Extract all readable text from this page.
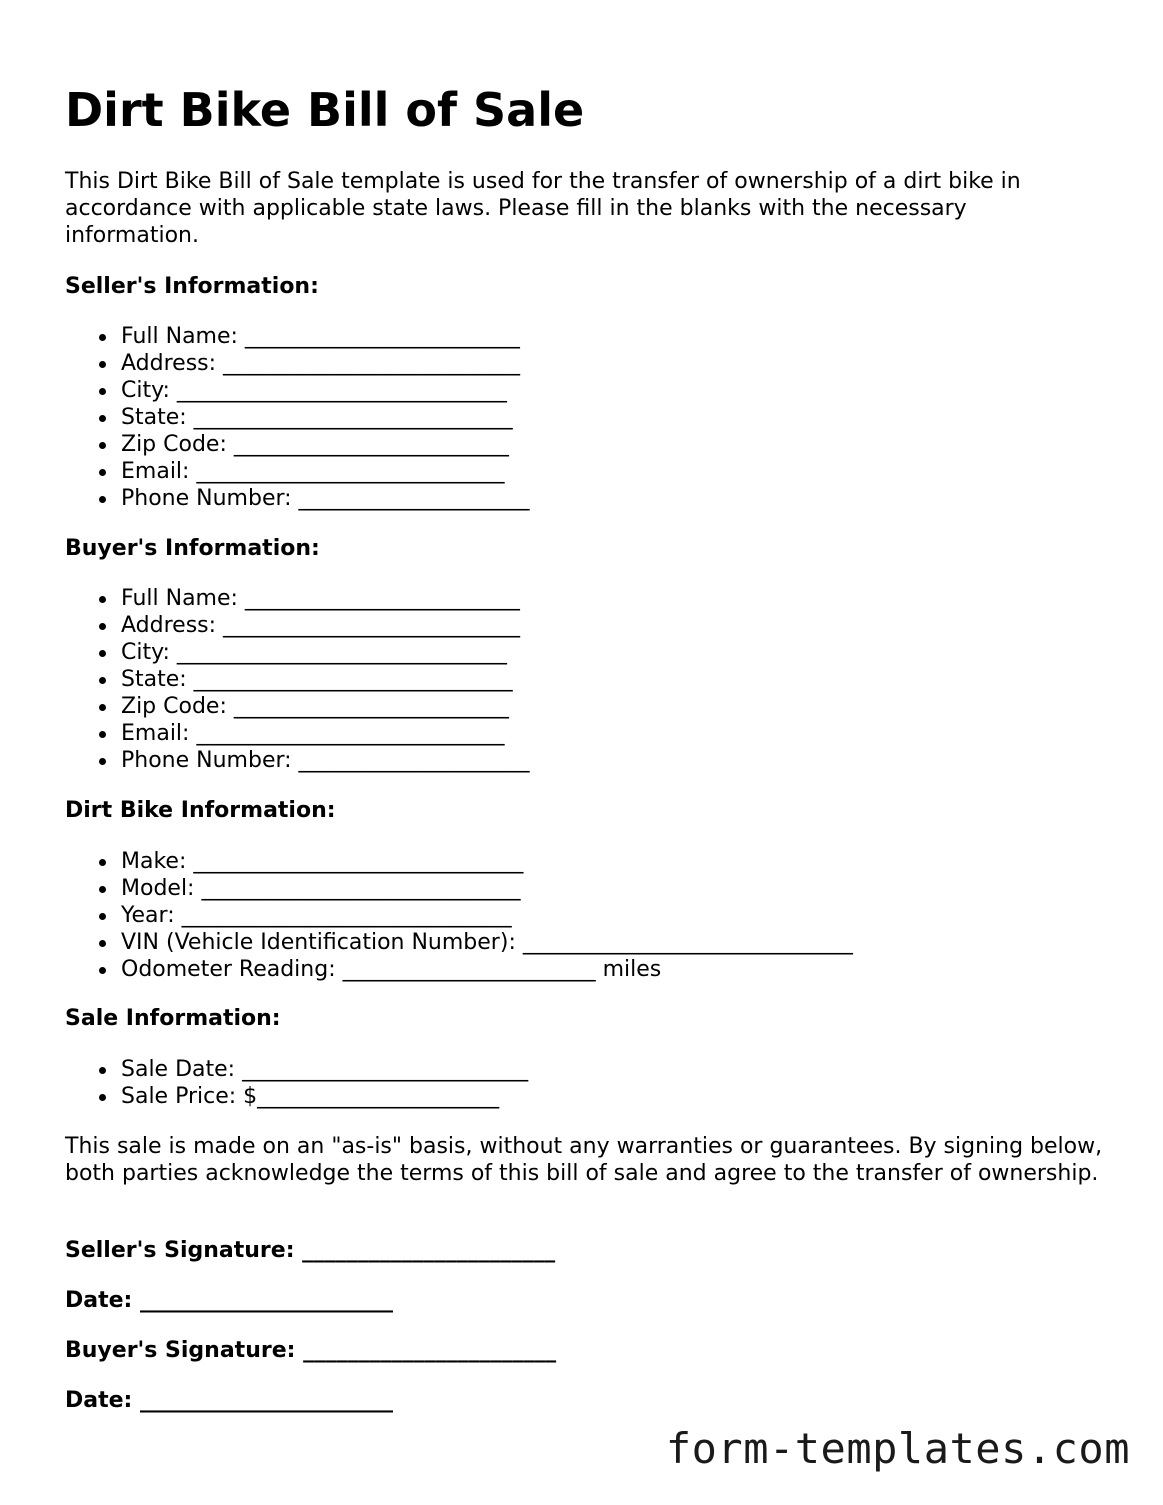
Dirt Bike Bill of Sale

This Dirt Bike Bill of Sale template is used for the transfer of ownership of a dirt bike in accordance with applicable state laws. Please fill in the blanks with the necessary information.

Seller's Information:

Full Name: _________________________
Address: ___________________________
City: ______________________________
State: _____________________________
Zip Code: _________________________
Email: ____________________________
Phone Number: _____________________

Buyer's Information:

Full Name: _________________________
Address: ___________________________
City: ______________________________
State: _____________________________
Zip Code: _________________________
Email: ____________________________
Phone Number: _____________________

Dirt Bike Information:

Make: ______________________________
Model: _____________________________
Year: ______________________________
VIN (Vehicle Identification Number): ______________________________
Odometer Reading: _______________________ miles

Sale Information:

Sale Date: __________________________
Sale Price: $______________________

This sale is made on an "as-is" basis, without any warranties or guarantees. By signing below, both parties acknowledge the terms of this bill of sale and agree to the transfer of ownership.

Seller's Signature: _______________________

Date: _______________________

Buyer's Signature: _______________________

Date: _______________________

form-templates.com
